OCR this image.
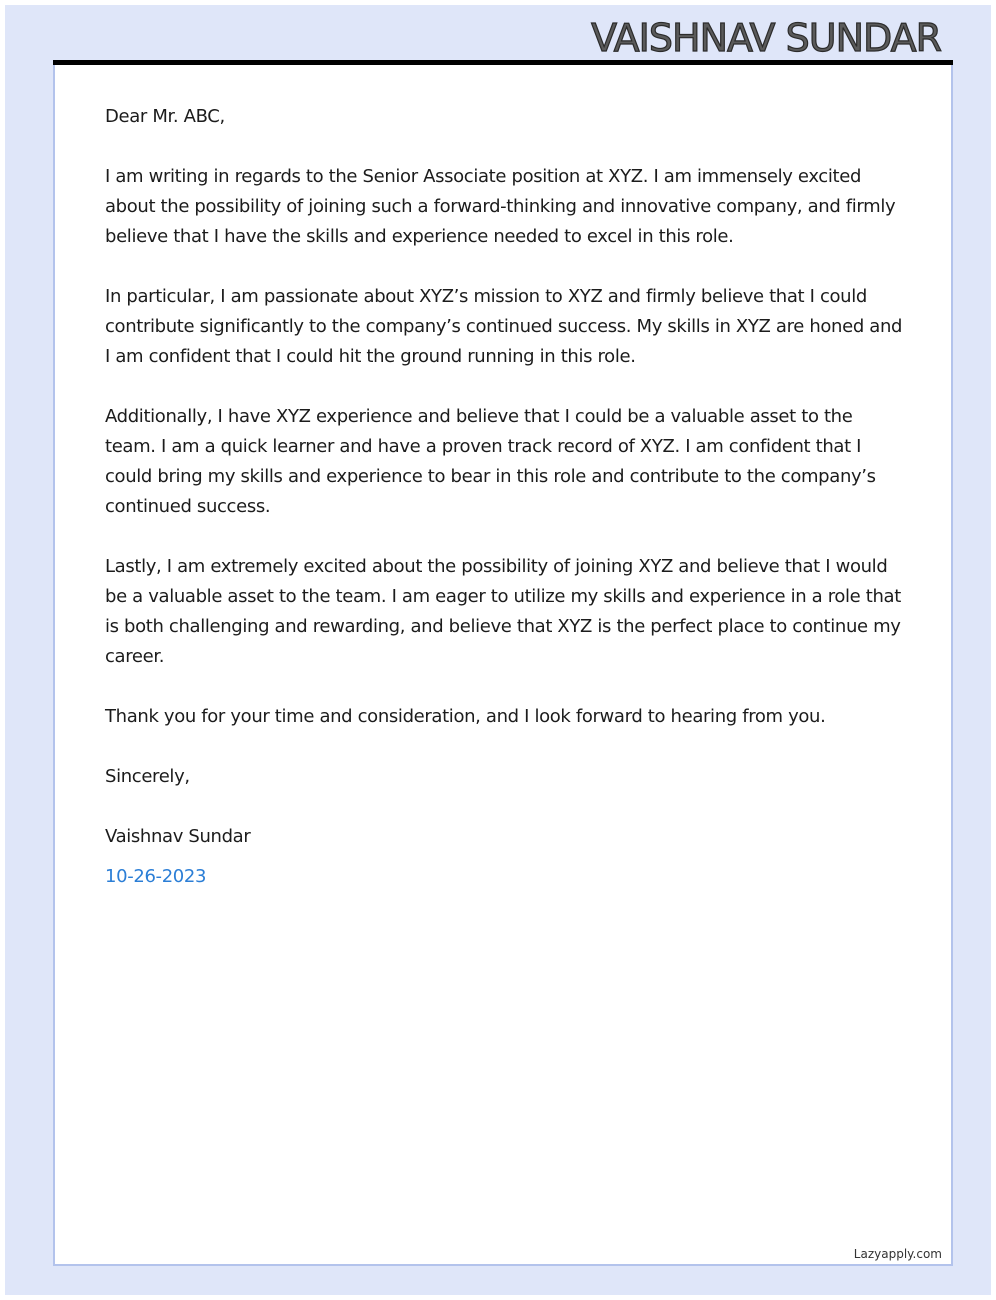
VAISHNAV SUNDAR

Dear Mr. ABC,

I am writing in regards to the Senior Associate position at XYZ. I am immensely excited about the possibility of joining such a forward-thinking and innovative company, and firmly believe that I have the skills and experience needed to excel in this role.

In particular, I am passionate about XYZ’s mission to XYZ and firmly believe that I could contribute significantly to the company’s continued success. My skills in XYZ are honed and I am confident that I could hit the ground running in this role.

Additionally, I have XYZ experience and believe that I could be a valuable asset to the team. I am a quick learner and have a proven track record of XYZ. I am confident that I could bring my skills and experience to bear in this role and contribute to the company’s continued success.

Lastly, I am extremely excited about the possibility of joining XYZ and believe that I would be a valuable asset to the team. I am eager to utilize my skills and experience in a role that is both challenging and rewarding, and believe that XYZ is the perfect place to continue my career.

Thank you for your time and consideration, and I look forward to hearing from you.

Sincerely,

Vaishnav Sundar

10-26-2023

Lazyapply.com
